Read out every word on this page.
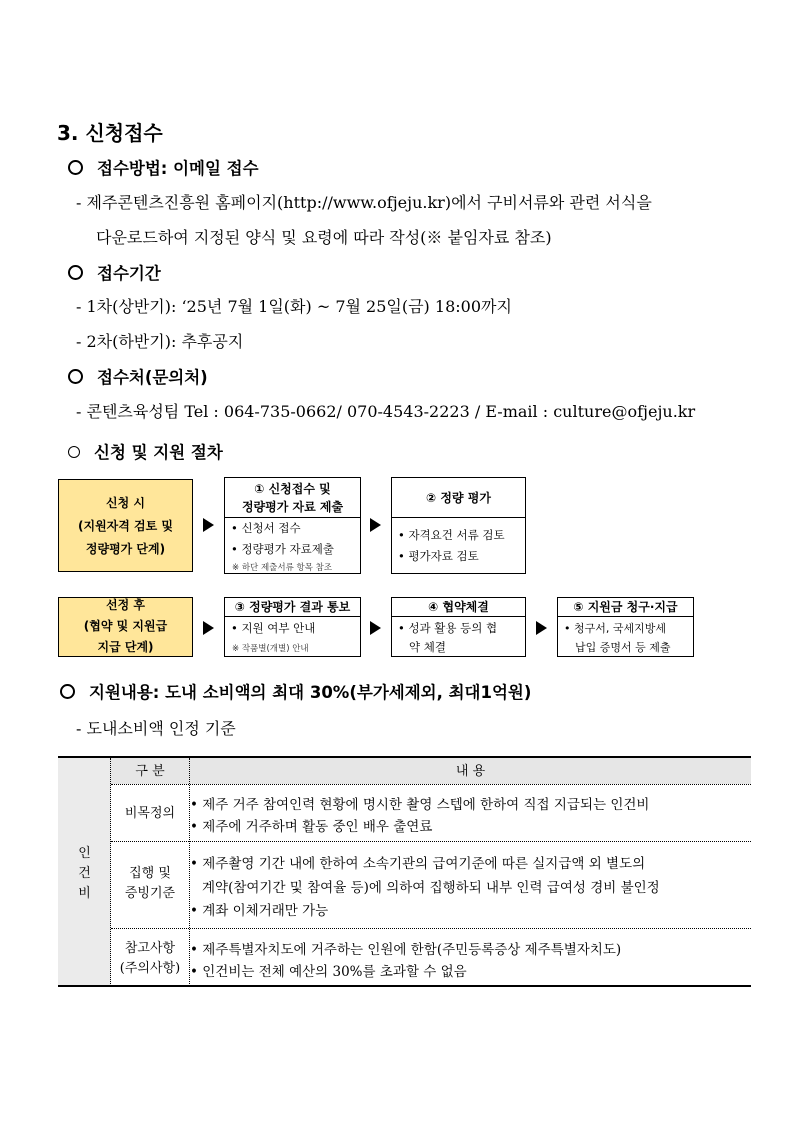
3. 신청접수
접수방법: 이메일 접수
- 제주콘텐츠진흥원 홈페이지(http://www.ofjeju.kr)에서 구비서류와 관련 서식을
다운로드하여 지정된 양식 및 요령에 따라 작성(※ 붙임자료 참조)
접수기간
- 1차(상반기): ‘25년 7월 1일(화) ~ 7월 25일(금) 18:00까지
- 2차(하반기): 추후공지
접수처(문의처)
- 콘텐츠육성팀 Tel : 064-735-0662/ 070-4543-2223 / E-mail : culture@ofjeju.kr
신청 및 지원 절차
신청 시
(지원자격 검토 및
정량평가 단계)
① 신청접수 및
정량평가 자료 제출
• 신청서 접수
• 정량평가 자료제출
※ 하단 제출서류 항목 참조
② 정량 평가
• 자격요건 서류 검토
• 평가자료 검토
선정 후
(협약 및 지원급
지급 단계)
③ 정량평가 결과 통보
• 지원 여부 안내
※ 작품별(개별) 안내
④ 협약체결
• 성과 활용 등의 협
약 체결
⑤ 지원금 청구·지급
• 청구서, 국세지방세
납입 증명서 등 제출
지원내용: 도내 소비액의 최대 30%(부가세제외, 최대1억원)
- 도내소비액 인정 기준
구 분	내 용
인
건
비
비목정의
• 제주 거주 참여인력 현황에 명시한 촬영 스텝에 한하여 직접 지급되는 인건비
• 제주에 거주하며 활동 중인 배우 출연료
집행 및
증빙기준
• 제주촬영 기간 내에 한하여 소속기관의 급여기준에 따른 실지급액 외 별도의
계약(참여기간 및 참여율 등)에 의하여 집행하되 내부 인력 급여성 경비 불인정
• 계좌 이체거래만 가능
참고사항
(주의사항)
• 제주특별자치도에 거주하는 인원에 한함(주민등록증상 제주특별자치도)
• 인건비는 전체 예산의 30%를 초과할 수 없음
